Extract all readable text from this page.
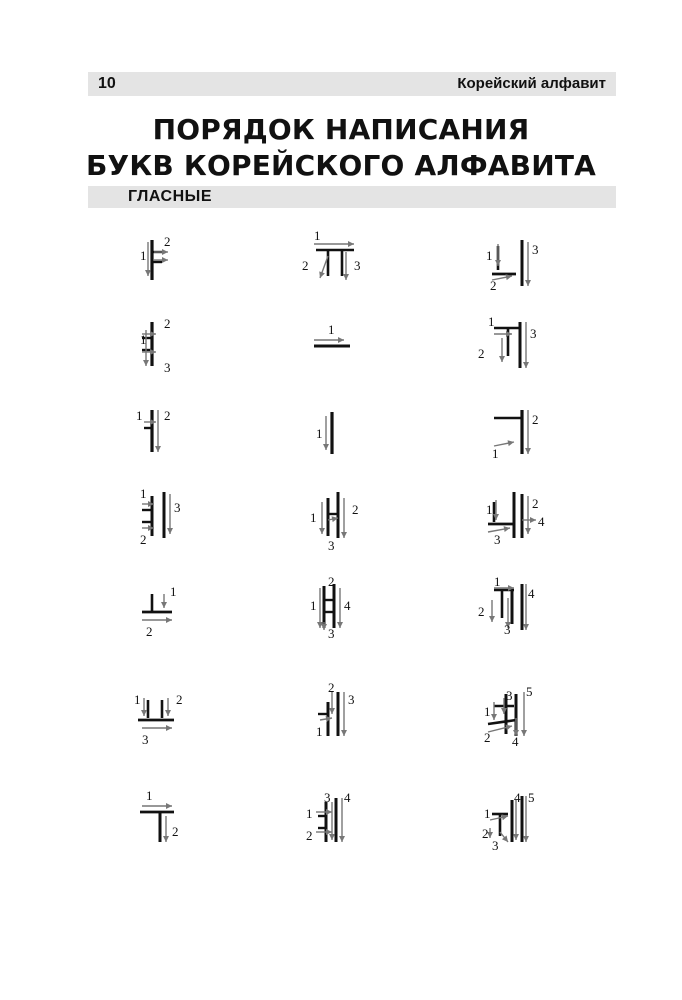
10	Корейский алфавит
ПОРЯДОК НАПИСАНИЯ
БУКВ КОРЕЙСКОГО АЛФАВИТА
ГЛАСНЫЕ
1
2	1
2	3
1
2
3
1
2
3
1
1
2
3
1 2
1
1
2
1
2
3
1
2
3
1	2
3
4
1
2
1
2
3
4
1
2
3
4
1	2
3
1
2
3
1
2
3
4
5
1
2
1
2
3 4
1
2
3
4 5
